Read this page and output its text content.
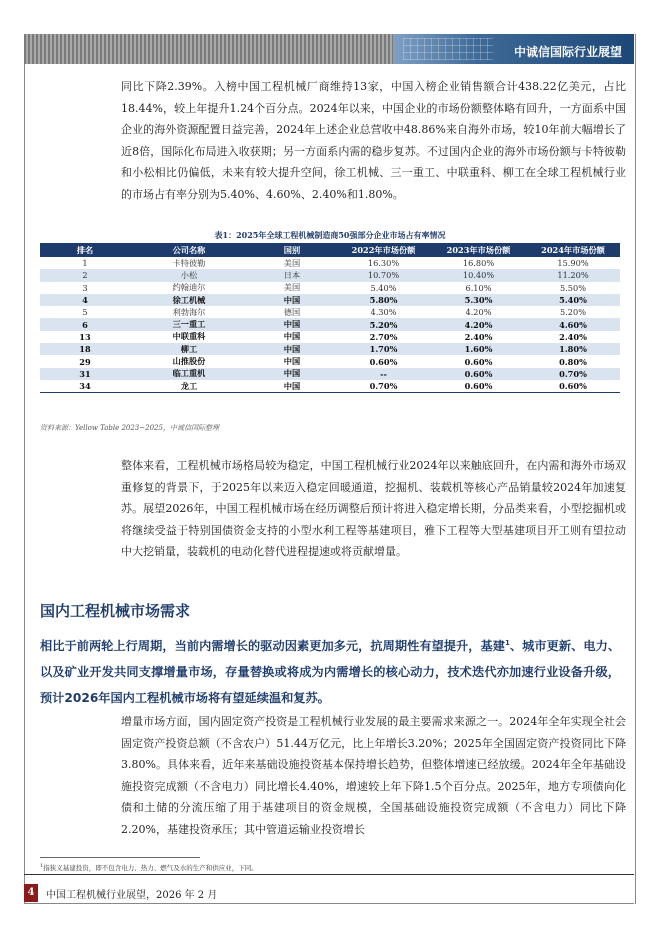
中诚信国际行业展望

同比下降2.39%。入榜中国工程机械厂商维持13家，中国入榜企业销售额合计438.22亿美元，占比18.44%，较上年提升1.24个百分点。2024年以来，中国企业的市场份额整体略有回升，一方面系中国企业的海外资源配置日益完善，2024年上述企业总营收中48.86%来自海外市场，较10年前大幅增长了近8倍，国际化布局进入收获期；另一方面系内需的稳步复苏。不过国内企业的海外市场份额与卡特彼勒和小松相比仍偏低，未来有较大提升空间，徐工机械、三一重工、中联重科、柳工在全球工程机械行业的市场占有率分别为5.40%、4.60%、2.40%和1.80%。

表1：2025年全球工程机械制造商50强部分企业市场占有率情况
排名	公司名称	国别	2022年市场份额	2023年市场份额	2024年市场份额
1	卡特彼勒	美国	16.30%	16.80%	15.90%
2	小松	日本	10.70%	10.40%	11.20%
3	约翰迪尔	美国	5.40%	6.10%	5.50%
4	徐工机械	中国	5.80%	5.30%	5.40%
5	利勃海尔	德国	4.30%	4.20%	5.20%
6	三一重工	中国	5.20%	4.20%	4.60%
13	中联重科	中国	2.70%	2.40%	2.40%
18	柳工	中国	1.70%	1.60%	1.80%
29	山推股份	中国	0.60%	0.60%	0.80%
31	临工重机	中国	--	0.60%	0.70%
34	龙工	中国	0.70%	0.60%	0.60%
资料来源：Yellow Table 2023~2025，中诚信国际整理

整体来看，工程机械市场格局较为稳定，中国工程机械行业2024年以来触底回升，在内需和海外市场双重修复的背景下，于2025年以来迈入稳定回暖通道，挖掘机、装载机等核心产品销量较2024年加速复苏。展望2026年，中国工程机械市场在经历调整后预计将进入稳定增长期，分品类来看，小型挖掘机或将继续受益于特别国债资金支持的小型水利工程等基建项目，雅下工程等大型基建项目开工则有望拉动中大挖销量，装载机的电动化替代进程提速或将贡献增量。

国内工程机械市场需求

相比于前两轮上行周期，当前内需增长的驱动因素更加多元，抗周期性有望提升，基建$^1$、城市更新、电力、以及矿业开发共同支撑增量市场，存量替换或将成为内需增长的核心动力，技术迭代亦加速行业设备升级，预计2026年国内工程机械市场将有望延续温和复苏。

增量市场方面，国内固定资产投资是工程机械行业发展的最主要需求来源之一。2024年全年实现全社会固定资产投资总额（不含农户）51.44万亿元，比上年增长3.20%；2025年全国固定资产投资同比下降3.80%。具体来看，近年来基础设施投资基本保持增长趋势，但整体增速已经放缓。2024年全年基础设施投资完成额（不含电力）同比增长4.40%，增速较上年下降1.5个百分点。2025年，地方专项债向化债和土储的分流压缩了用于基建项目的资金规模，全国基础设施投资完成额（不含电力）同比下降2.20%，基建投资承压；其中管道运输业投资增长

$^1$指狭义基建投资，即不包含电力、热力、燃气及水的生产和供应业，下同。
4	中国工程机械行业展望，2026 年 2 月
